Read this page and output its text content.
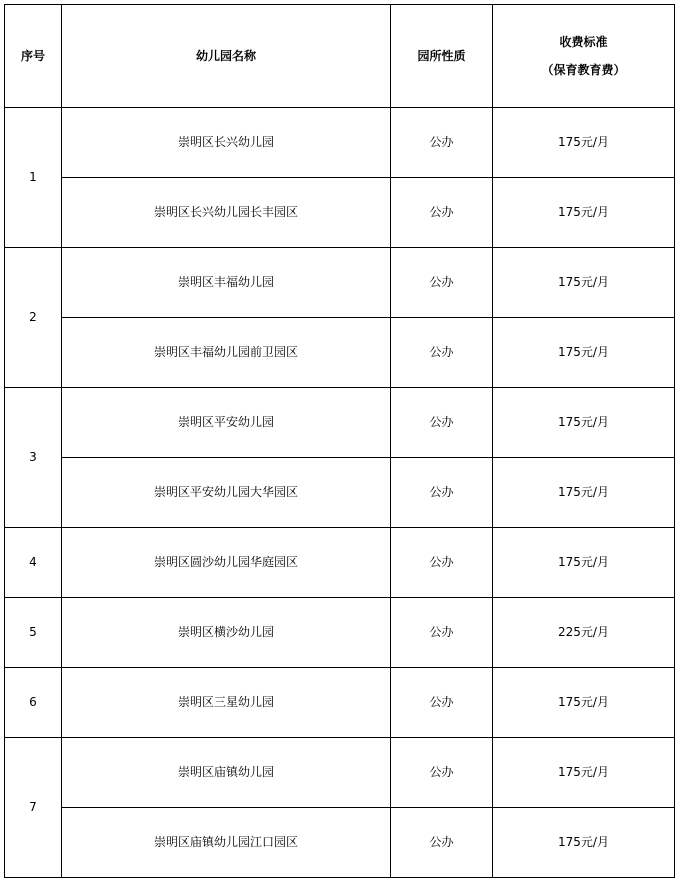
序号	幼儿园名称	园所性质	收费标准
（保育教育费）

1	崇明区长兴幼儿园	公办	175元/月
	崇明区长兴幼儿园长丰园区	公办	175元/月
2	崇明区丰福幼儿园	公办	175元/月
	崇明区丰福幼儿园前卫园区	公办	175元/月
3	崇明区平安幼儿园	公办	175元/月
	崇明区平安幼儿园大华园区	公办	175元/月
4	崇明区圆沙幼儿园华庭园区	公办	175元/月
5	崇明区横沙幼儿园	公办	225元/月
6	崇明区三星幼儿园	公办	175元/月
7	崇明区庙镇幼儿园	公办	175元/月
	崇明区庙镇幼儿园江口园区	公办	175元/月
